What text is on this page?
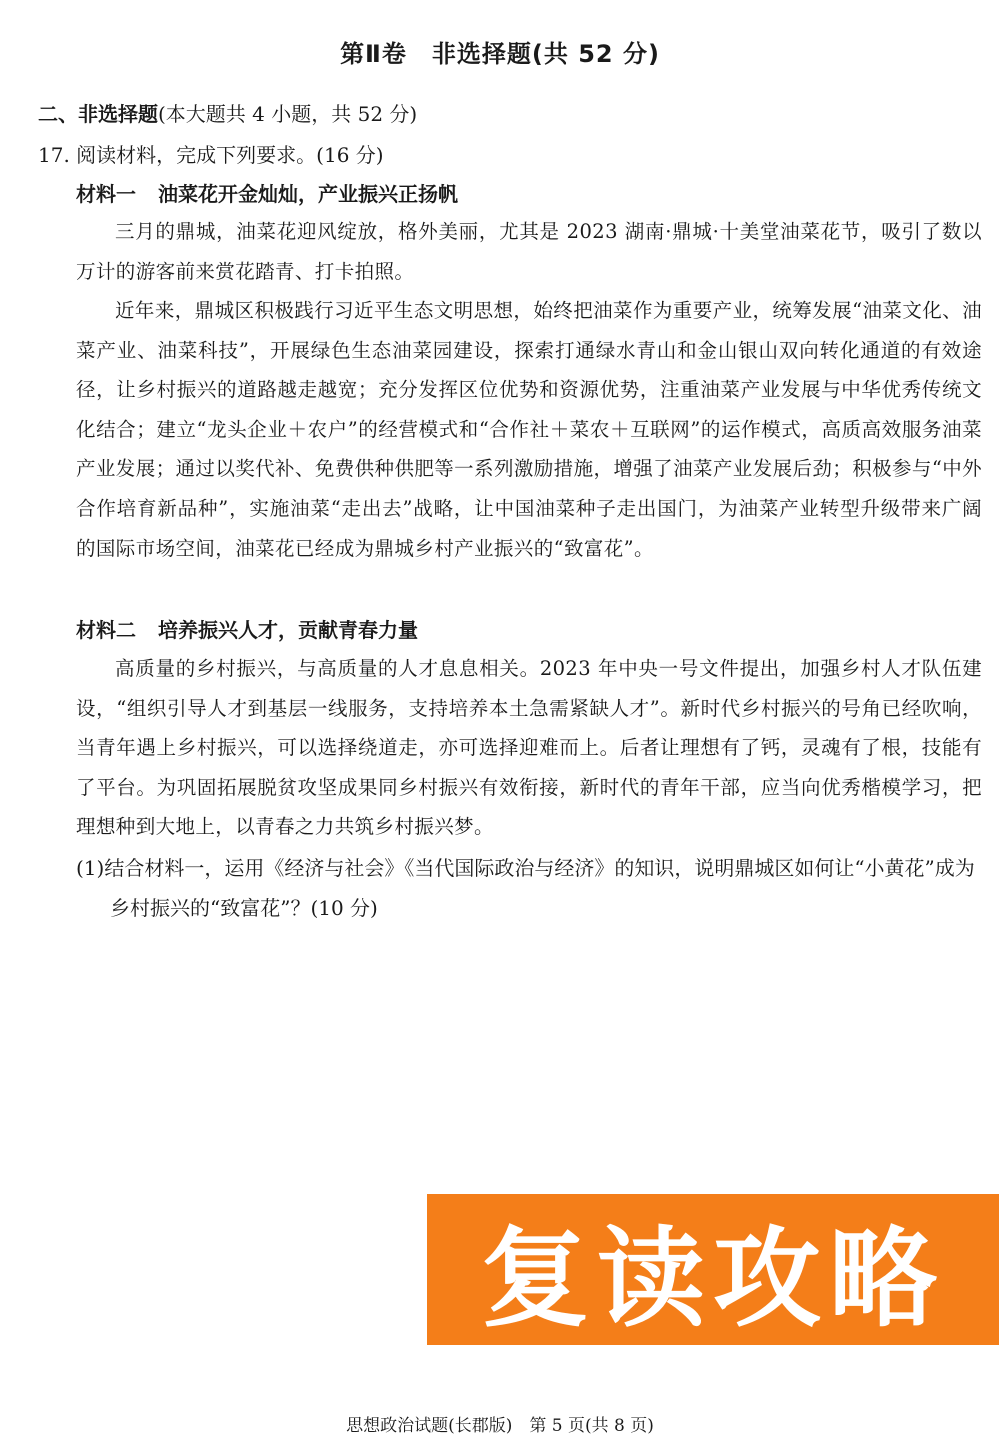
第Ⅱ卷　非选择题(共 52 分)
二、非选择题(本大题共 4 小题，共 52 分)
17. 阅读材料，完成下列要求。(16 分)
材料一 油菜花开金灿灿，产业振兴正扬帆
三月的鼎城，油菜花迎风绽放，格外美丽，尤其是 2023 湖南·鼎城·十美堂油菜花节，吸引了数以万计的游客前来赏花踏青、打卡拍照。
近年来，鼎城区积极践行习近平生态文明思想，始终把油菜作为重要产业，统筹发展“油菜文化、油菜产业、油菜科技”，开展绿色生态油菜园建设，探索打通绿水青山和金山银山双向转化通道的有效途径，让乡村振兴的道路越走越宽；充分发挥区位优势和资源优势，注重油菜产业发展与中华优秀传统文化结合；建立“龙头企业＋农户”的经营模式和“合作社＋菜农＋互联网”的运作模式，高质高效服务油菜产业发展；通过以奖代补、免费供种供肥等一系列激励措施，增强了油菜产业发展后劲；积极参与“中外合作培育新品种”，实施油菜“走出去”战略，让中国油菜种子走出国门，为油菜产业转型升级带来广阔的国际市场空间，油菜花已经成为鼎城乡村产业振兴的“致富花”。
材料二 培养振兴人才，贡献青春力量
高质量的乡村振兴，与高质量的人才息息相关。2023 年中央一号文件提出，加强乡村人才队伍建设，“组织引导人才到基层一线服务，支持培养本土急需紧缺人才”。新时代乡村振兴的号角已经吹响，当青年遇上乡村振兴，可以选择绕道走，亦可选择迎难而上。后者让理想有了钙，灵魂有了根，技能有了平台。为巩固拓展脱贫攻坚成果同乡村振兴有效衔接，新时代的青年干部，应当向优秀楷模学习，把理想种到大地上，以青春之力共筑乡村振兴梦。
(1)结合材料一，运用《经济与社会》《当代国际政治与经济》的知识，说明鼎城区如何让“小黄花”成为乡村振兴的“致富花”？(10 分)
复读攻略
思想政治试题(长郡版)　第 5 页(共 8 页)
